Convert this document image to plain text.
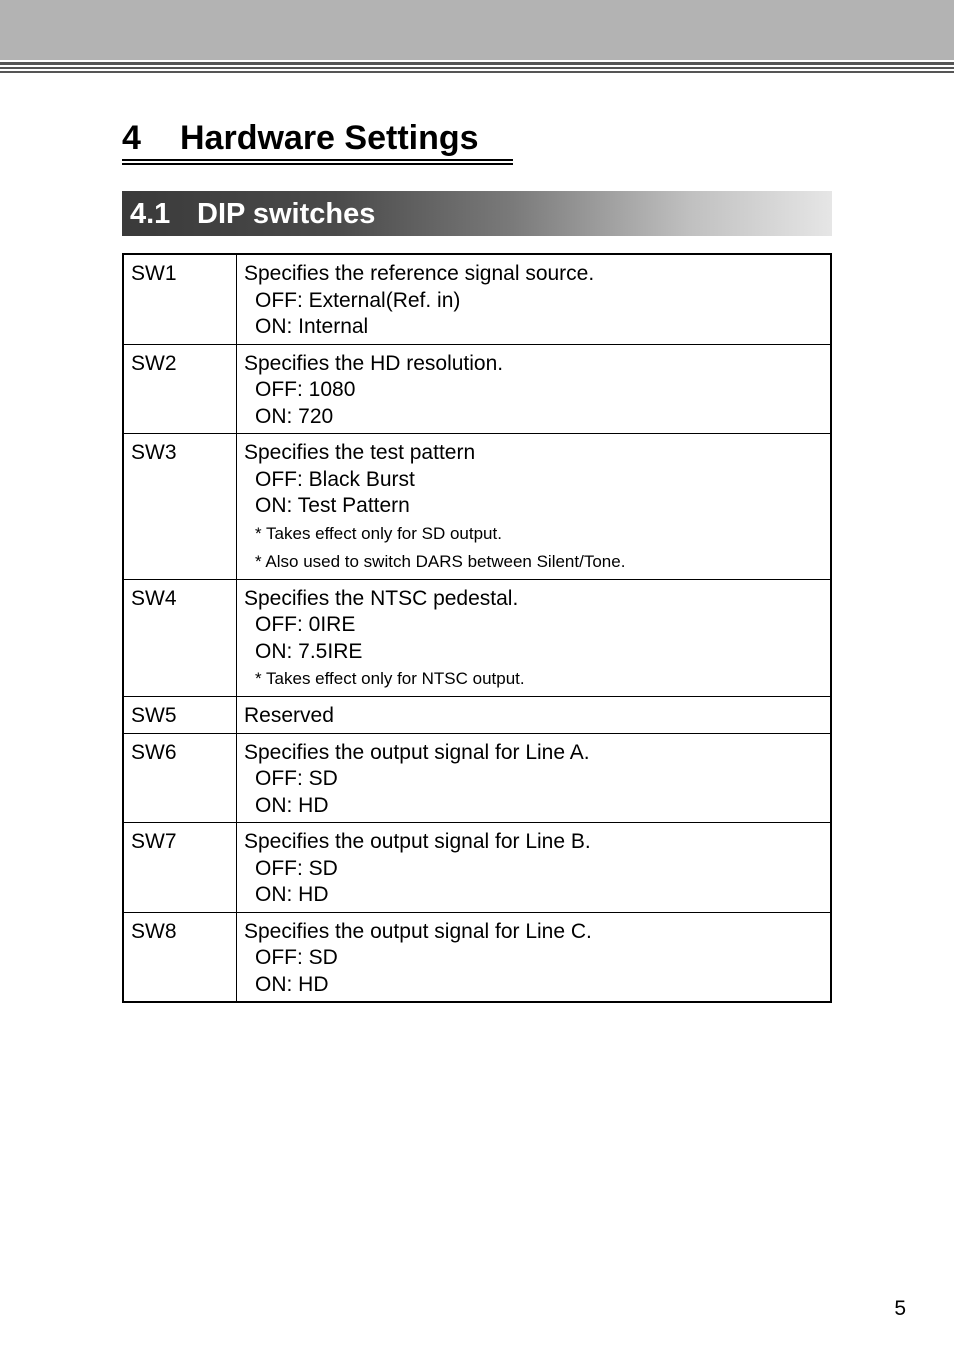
4 Hardware Settings
4.1 DIP switches
SW1	Specifies the reference signal source.
OFF: External(Ref. in)
ON: Internal

SW2	Specifies the HD resolution.
OFF: 1080
ON: 720

SW3	Specifies the test pattern
OFF: Black Burst
ON: Test Pattern
* Takes effect only for SD output.
* Also used to switch DARS between Silent/Tone.

SW4	Specifies the NTSC pedestal.
OFF: 0IRE
ON: 7.5IRE
* Takes effect only for NTSC output.

SW5	Reserved

SW6	Specifies the output signal for Line A.
OFF: SD
ON: HD

SW7	Specifies the output signal for Line B.
OFF: SD
ON: HD

SW8	Specifies the output signal for Line C.
OFF: SD
ON: HD
5
